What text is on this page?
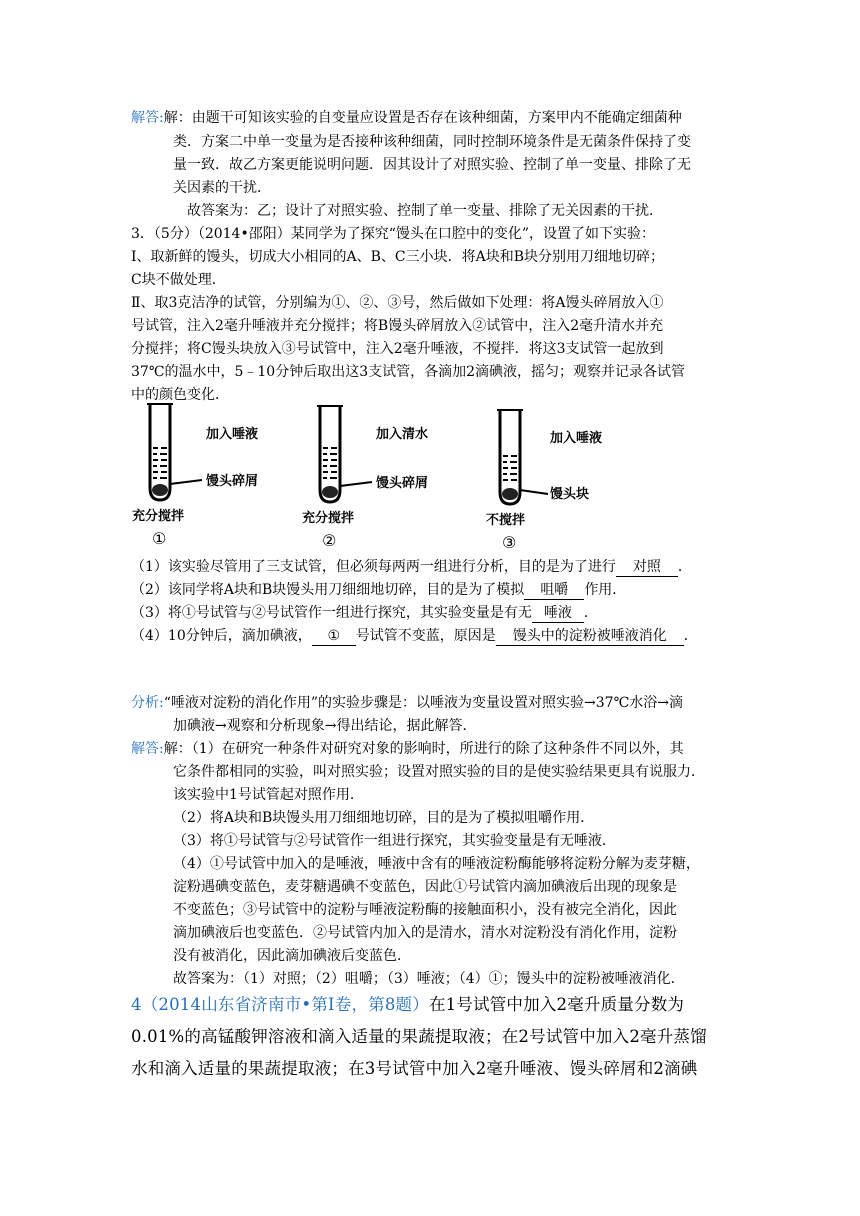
解答:解：由题干可知该实验的自变量应设置是否存在该种细菌，方案甲内不能确定细菌种
类．方案二中单一变量为是否接种该种细菌，同时控制环境条件是无菌条件保持了变
量一致．故乙方案更能说明问题．因其设计了对照实验、控制了单一变量、排除了无
关因素的干扰．
故答案为：乙；设计了对照实验、控制了单一变量、排除了无关因素的干扰．
3．（5分）（2014•邵阳）某同学为了探究“馒头在口腔中的变化”，设置了如下实验：
Ⅰ、取新鲜的馒头，切成大小相同的A、B、C三小块．将A块和B块分别用刀细地切碎；
C块不做处理．
Ⅱ、取3克洁净的试管，分别编为①、②、③号，然后做如下处理：将A馒头碎屑放入①
号试管，注入2毫升唾液并充分搅拌；将B馒头碎屑放入②试管中，注入2毫升清水并充
分搅拌；将C馒头块放入③号试管中，注入2毫升唾液，不搅拌．将这3支试管一起放到
37℃的温水中，5﹣10分钟后取出这3支试管，各滴加2滴碘液，摇匀；观察并记录各试管
中的颜色变化．
加入唾液
馒头碎屑
充分搅拌
①
加入清水
馒头碎屑
充分搅拌
②
加入唾液
馒头块
不搅拌
③
（1）该实验尽管用了三支试管，但必须每两两一组进行分析，目的是为了进行 对照 ．
（2）该同学将A块和B块馒头用刀细细地切碎，目的是为了模拟 咀嚼 作用．
（3）将①号试管与②号试管作一组进行探究，其实验变量是有无 唾液 ．
（4）10分钟后，滴加碘液， ① 号试管不变蓝，原因是 馒头中的淀粉被唾液消化 ．
分析:“唾液对淀粉的消化作用”的实验步骤是：以唾液为变量设置对照实验→37℃水浴→滴
加碘液→观察和分析现象→得出结论，据此解答．
解答:解：（1）在研究一种条件对研究对象的影响时，所进行的除了这种条件不同以外，其
它条件都相同的实验，叫对照实验；设置对照实验的目的是使实验结果更具有说服力．
该实验中1号试管起对照作用．
（2）将A块和B块馒头用刀细细地切碎，目的是为了模拟咀嚼作用．
（3）将①号试管与②号试管作一组进行探究，其实验变量是有无唾液．
（4）①号试管中加入的是唾液，唾液中含有的唾液淀粉酶能够将淀粉分解为麦芽糖，
淀粉遇碘变蓝色，麦芽糖遇碘不变蓝色，因此①号试管内滴加碘液后出现的现象是
不变蓝色；③号试管中的淀粉与唾液淀粉酶的接触面积小，没有被完全消化，因此
滴加碘液后也变蓝色．②号试管内加入的是清水，清水对淀粉没有消化作用，淀粉
没有被消化，因此滴加碘液后变蓝色．
故答案为：（1）对照；（2）咀嚼；（3）唾液；（4）①；馒头中的淀粉被唾液消化．
4（2014山东省济南市•第Ⅰ卷，第8题）在1号试管中加入2毫升质量分数为
0.01%的高锰酸钾溶液和滴入适量的果蔬提取液；在2号试管中加入2毫升蒸馏
水和滴入适量的果蔬提取液；在3号试管中加入2毫升唾液、馒头碎屑和2滴碘
